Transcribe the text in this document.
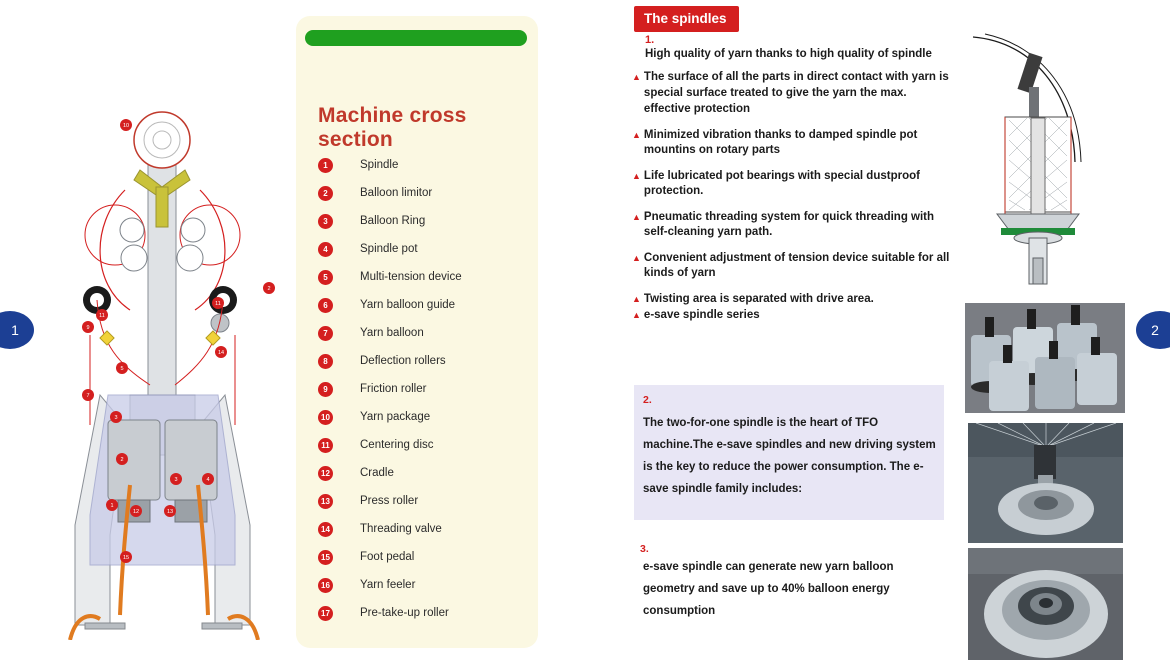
1	2
10
2
11
11
9
14
5
7
3
2
3	4
1
12	13
15
Machine cross section
1	Spindle
2	Balloon limitor
3	Balloon Ring
4	Spindle pot
5	Multi-tension device
6	Yarn balloon guide
7	Yarn balloon
8	Deflection rollers
9	Friction roller
10	Yarn package
11	Centering disc
12	Cradle
13	Press roller
14	Threading valve
15	Foot pedal
16	Yarn feeler
17	Pre-take-up roller
The spindles
1.
High quality of yarn thanks to high quality of spindle
▲ The surface of all the parts in direct contact with yarn is special surface treated to give the yarn the max.
effective protection
▲ Minimized vibration thanks to damped spindle pot mountins on rotary parts
▲ Life lubricated pot bearings with special dustproof protection.
▲ Pneumatic threading system for quick threading with self-cleaning yarn path.
▲ Convenient adjustment of tension device suitable for all kinds of yarn
▲ Twisting area is separated with drive area.
▲ e-save spindle series
2.
The two-for-one spindle is the heart of TFO machine.The e-save spindles and new driving system is the key to reduce the power consumption. The e-save spindle family includes:
3.
e-save spindle can generate new yarn balloon geometry and save up to 40% balloon energy consumption
